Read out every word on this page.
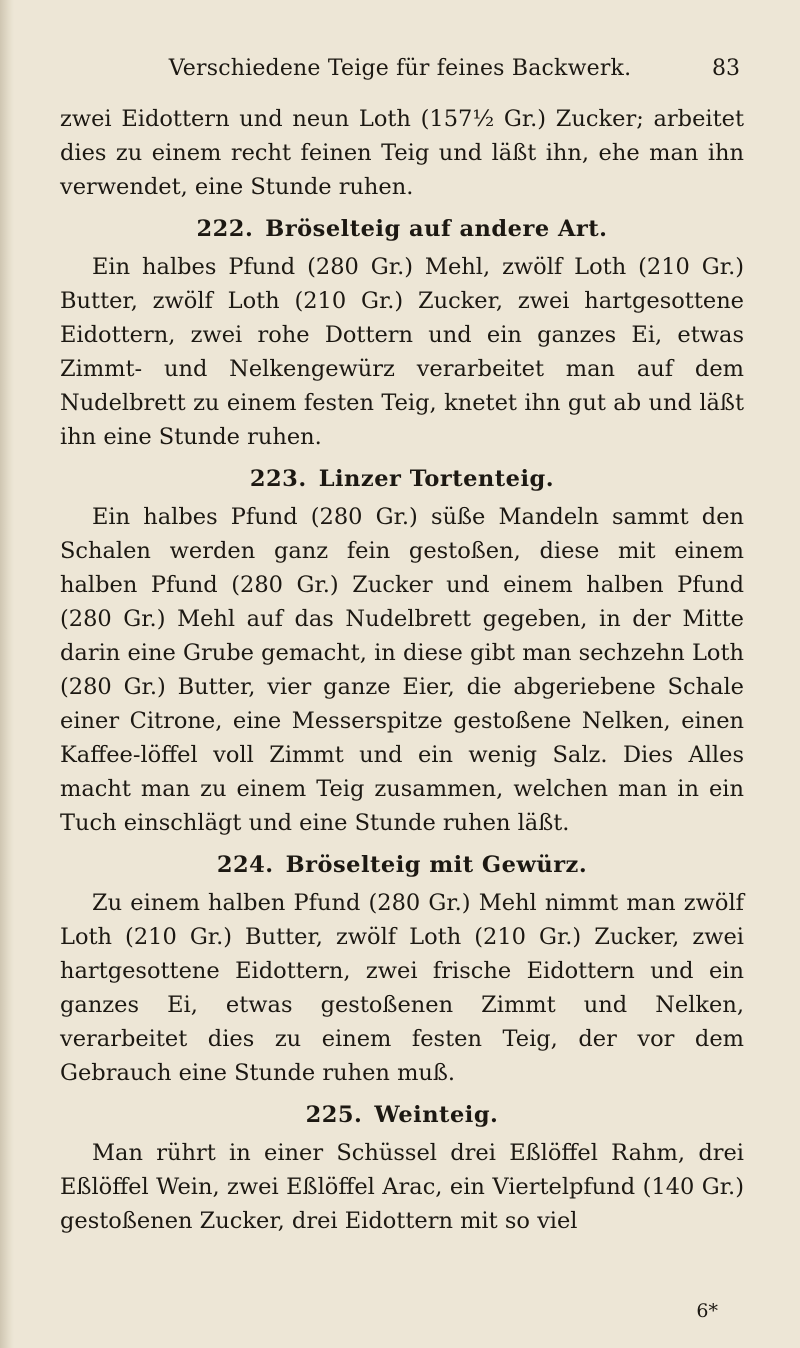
Verschiedene Teige für feines Backwerk.	83

zwei Eidottern und neun Loth (157½ Gr.) Zucker; arbeitet dies zu einem recht feinen Teig und läßt ihn, ehe man ihn verwendet, eine Stunde ruhen.

222. Bröselteig auf andere Art.

Ein halbes Pfund (280 Gr.) Mehl, zwölf Loth (210 Gr.) Butter, zwölf Loth (210 Gr.) Zucker, zwei hartgesottene Eidottern, zwei rohe Dottern und ein ganzes Ei, etwas Zimmt- und Nelkengewürz verarbeitet man auf dem Nudelbrett zu einem festen Teig, knetet ihn gut ab und läßt ihn eine Stunde ruhen.

223. Linzer Tortenteig.

Ein halbes Pfund (280 Gr.) süße Mandeln sammt den Schalen werden ganz fein gestoßen, diese mit einem halben Pfund (280 Gr.) Zucker und einem halben Pfund (280 Gr.) Mehl auf das Nudelbrett gegeben, in der Mitte darin eine Grube gemacht, in diese gibt man sechzehn Loth (280 Gr.) Butter, vier ganze Eier, die abgeriebene Schale einer Citrone, eine Messerspitze gestoßene Nelken, einen Kaffee-löffel voll Zimmt und ein wenig Salz. Dies Alles macht man zu einem Teig zusammen, welchen man in ein Tuch einschlägt und eine Stunde ruhen läßt.

224. Bröselteig mit Gewürz.

Zu einem halben Pfund (280 Gr.) Mehl nimmt man zwölf Loth (210 Gr.) Butter, zwölf Loth (210 Gr.) Zucker, zwei hartgesottene Eidottern, zwei frische Eidottern und ein ganzes Ei, etwas gestoßenen Zimmt und Nelken, verarbeitet dies zu einem festen Teig, der vor dem Gebrauch eine Stunde ruhen muß.

225. Weinteig.

Man rührt in einer Schüssel drei Eßlöffel Rahm, drei Eßlöffel Wein, zwei Eßlöffel Arac, ein Viertelpfund (140 Gr.) gestoßenen Zucker, drei Eidottern mit so viel

6*
